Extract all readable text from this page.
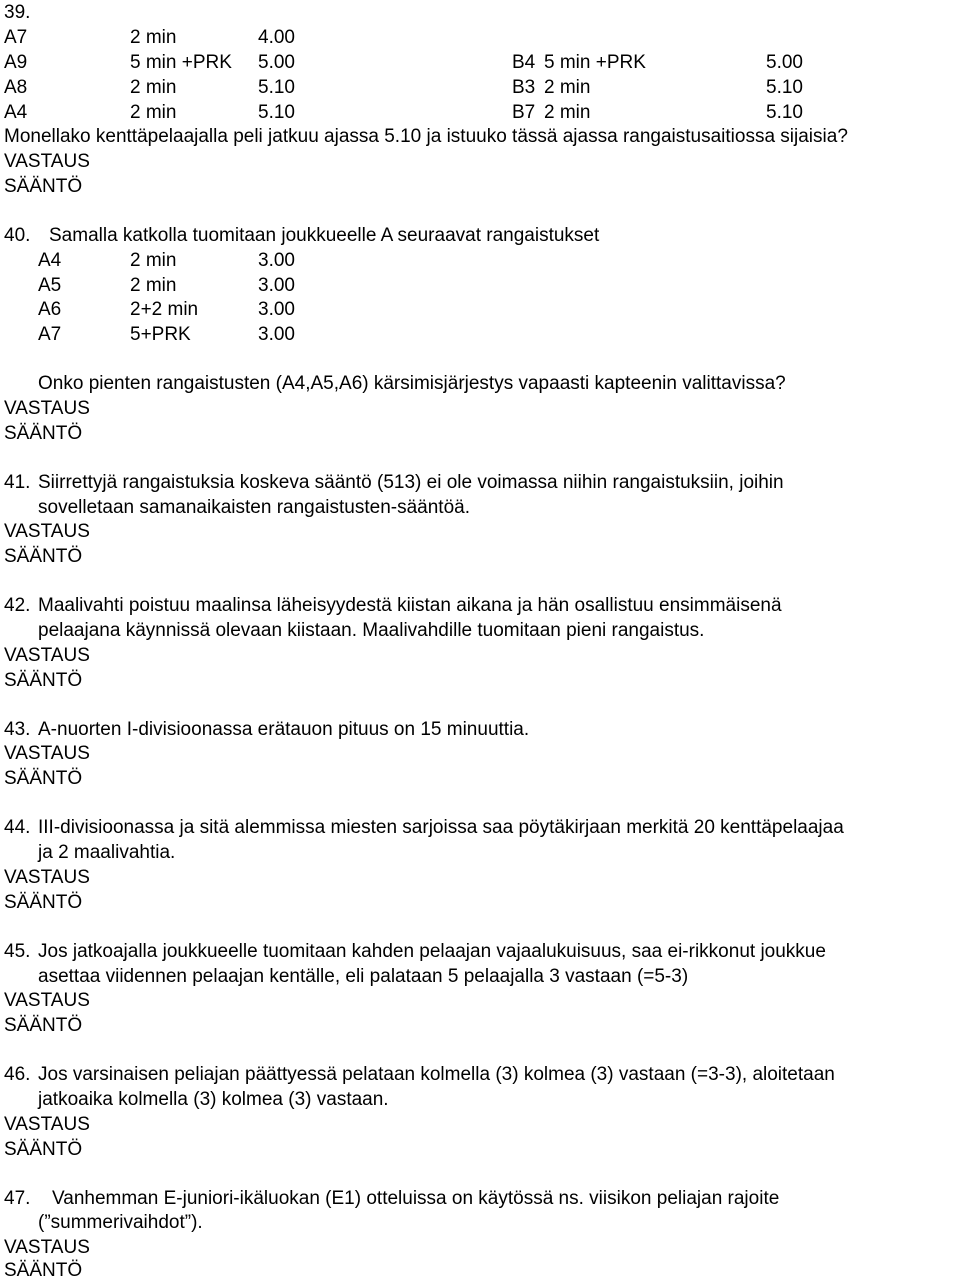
39.
A7	2 min	4.00
A9	5 min +PRK 5.00	B4 5 min +PRK	5.00
A8	2 min	5.10	B3 2 min	5.10
A4	2 min	5.10	B7 2 min	5.10
Monellako kenttäpelaajalla peli jatkuu ajassa 5.10 ja istuuko tässä ajassa rangaistusaitiossa sijaisia?
VASTAUS
SÄÄNTÖ
40. Samalla katkolla tuomitaan joukkueelle A seuraavat rangaistukset
A4	2 min	3.00
A5	2 min	3.00
A6	2+2 min	3.00
A7	5+PRK	3.00
Onko pienten rangaistusten (A4,A5,A6) kärsimisjärjestys vapaasti kapteenin valittavissa?
VASTAUS
SÄÄNTÖ
41. Siirrettyjä rangaistuksia koskeva sääntö (513) ei ole voimassa niihin rangaistuksiin, joihin
sovelletaan samanaikaisten rangaistusten-sääntöä.
VASTAUS
SÄÄNTÖ
42. Maalivahti poistuu maalinsa läheisyydestä kiistan aikana ja hän osallistuu ensimmäisenä
pelaajana käynnissä olevaan kiistaan. Maalivahdille tuomitaan pieni rangaistus.
VASTAUS
SÄÄNTÖ
43. A-nuorten I-divisioonassa erätauon pituus on 15 minuuttia.
VASTAUS
SÄÄNTÖ
44. III-divisioonassa ja sitä alemmissa miesten sarjoissa saa pöytäkirjaan merkitä 20 kenttäpelaajaa
ja 2 maalivahtia.
VASTAUS
SÄÄNTÖ
45. Jos jatkoajalla joukkueelle tuomitaan kahden pelaajan vajaalukuisuus, saa ei-rikkonut joukkue
asettaa viidennen pelaajan kentälle, eli palataan 5 pelaajalla 3 vastaan (=5-3)
VASTAUS
SÄÄNTÖ
46. Jos varsinaisen peliajan päättyessä pelataan kolmella (3) kolmea (3) vastaan (=3-3), aloitetaan
jatkoaika kolmella (3) kolmea (3) vastaan.
VASTAUS
SÄÄNTÖ
47. Vanhemman E-juniori-ikäluokan (E1) otteluissa on käytössä ns. viisikon peliajan rajoite
(”summerivaihdot”).
VASTAUS
SÄÄNTÖ
